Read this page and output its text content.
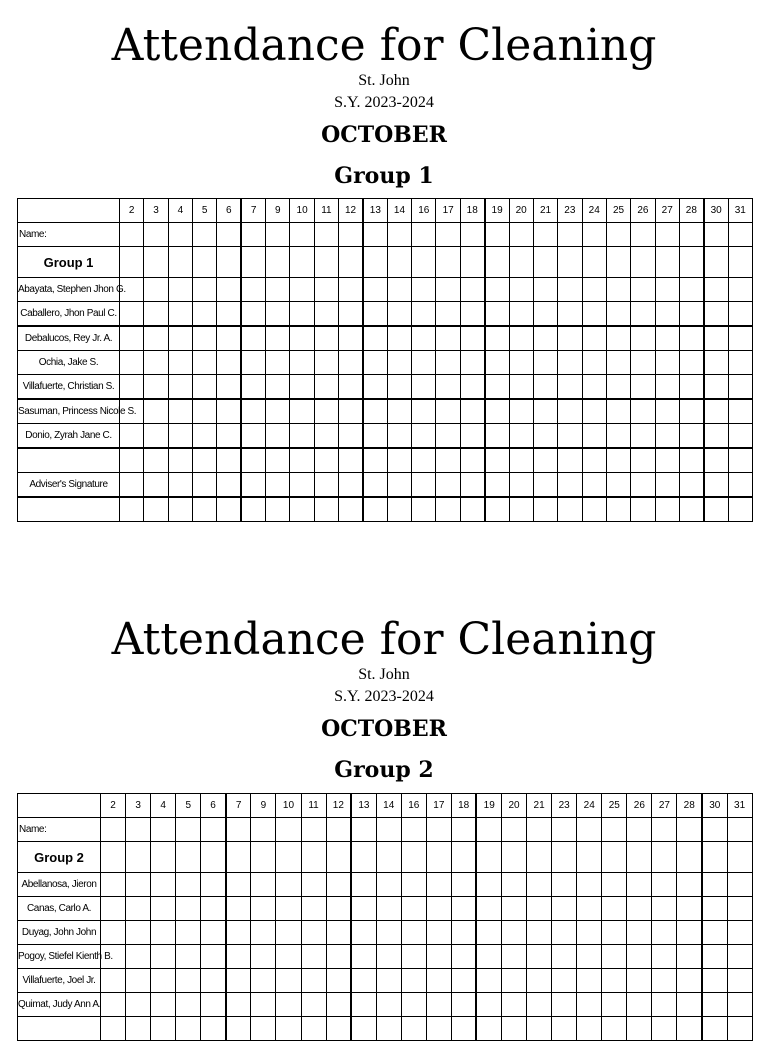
Attendance for Cleaning
St. John
S.Y. 2023-2024
OCTOBER
Group 1
	2	3	4	5	6	7	9	10	11	12	13	14	16	17	18	19	20	21	23	24	25	26	27	28	30	31
Name:																										
Group 1																										
Abayata, Stephen Jhon G.																										
Caballero, Jhon Paul C.																										
Debalucos, Rey Jr. A.																										
Ochia, Jake S.																										
Villafuerte, Christian S.																										
Sasuman, Princess Nicole S.																										
Donio, Zyrah Jane C.																										

Adviser's Signature																										

Attendance for Cleaning
St. John
S.Y. 2023-2024
OCTOBER
Group 2
	2	3	4	5	6	7	9	10	11	12	13	14	16	17	18	19	20	21	23	24	25	26	27	28	30	31
Name:																										
Group 2																										
Abellanosa, Jieron																										
Canas, Carlo A.																										
Duyag, John John																										
Pogoy, Stiefel Kienth B.																										
Villafuerte, Joel Jr.																										
Quimat, Judy Ann A.																										
